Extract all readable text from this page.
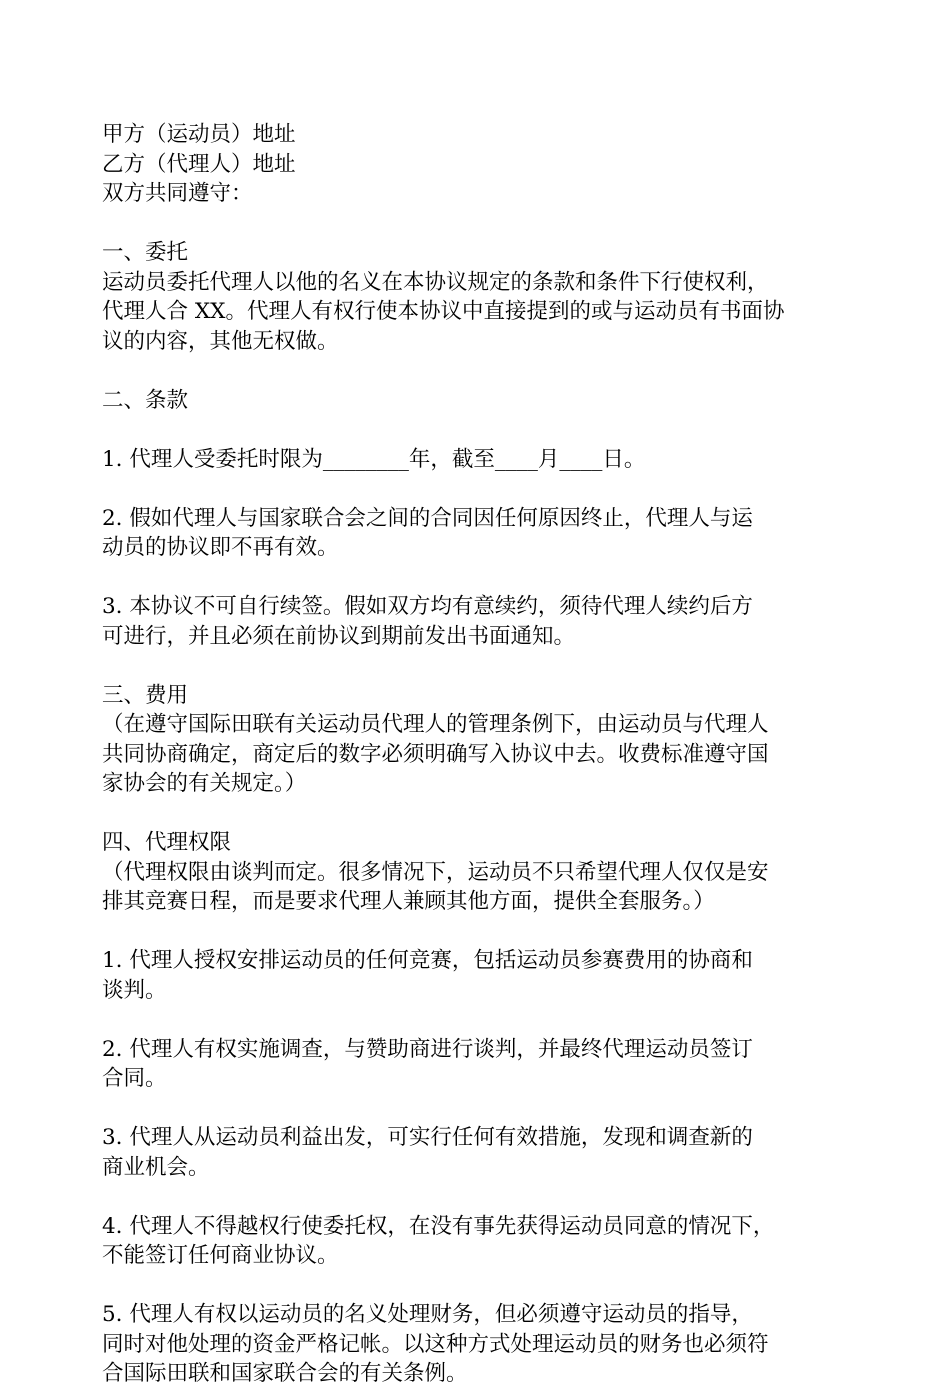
甲方（运动员）地址
乙方（代理人）地址
双方共同遵守：
一、委托
运动员委托代理人以他的名义在本协议规定的条款和条件下行使权利，
代理人合 XX。代理人有权行使本协议中直接提到的或与运动员有书面协
议的内容，其他无权做。
二、条款
1. 代理人受委托时限为________年，截至____月____日。
2. 假如代理人与国家联合会之间的合同因任何原因终止，代理人与运
动员的协议即不再有效。
3. 本协议不可自行续签。假如双方均有意续约，须待代理人续约后方
可进行，并且必须在前协议到期前发出书面通知。
三、费用
（在遵守国际田联有关运动员代理人的管理条例下，由运动员与代理人
共同协商确定，商定后的数字必须明确写入协议中去。收费标准遵守国
家协会的有关规定。）
四、代理权限
（代理权限由谈判而定。很多情况下，运动员不只希望代理人仅仅是安
排其竞赛日程，而是要求代理人兼顾其他方面，提供全套服务。）
1. 代理人授权安排运动员的任何竞赛，包括运动员参赛费用的协商和
谈判。
2. 代理人有权实施调查，与赞助商进行谈判，并最终代理运动员签订
合同。
3. 代理人从运动员利益出发，可实行任何有效措施，发现和调查新的
商业机会。
4. 代理人不得越权行使委托权，在没有事先获得运动员同意的情况下，
不能签订任何商业协议。
5. 代理人有权以运动员的名义处理财务，但必须遵守运动员的指导，
同时对他处理的资金严格记帐。以这种方式处理运动员的财务也必须符
合国际田联和国家联合会的有关条例。
